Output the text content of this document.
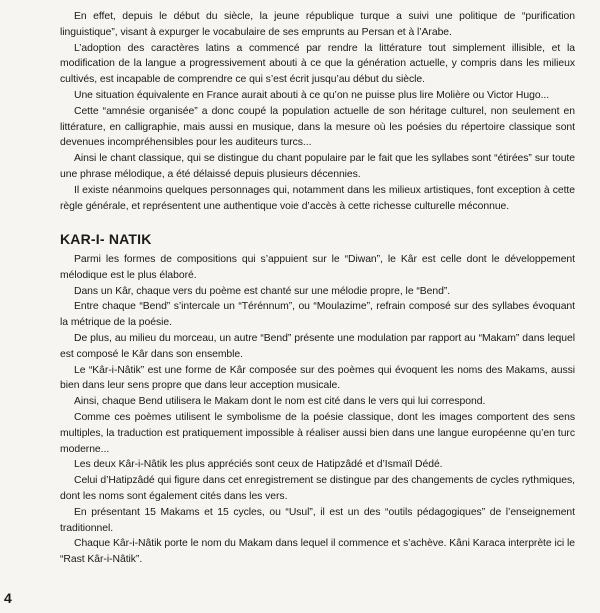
En effet, depuis le début du siècle, la jeune république turque a suivi une politique de “purification linguistique”, visant à expurger le vocabulaire de ses emprunts au Persan et à l’Arabe.

L’adoption des caractères latins a commencé par rendre la littérature tout simplement illisible, et la modification de la langue a progressivement abouti à ce que la génération actuelle, y compris dans les milieux cultivés, est incapable de comprendre ce qui s’est écrit jusqu’au début du siècle.

Une situation équivalente en France aurait abouti à ce qu’on ne puisse plus lire Molière ou Victor Hugo...

Cette “amnésie organisée” a donc coupé la population actuelle de son héritage culturel, non seulement en littérature, en calligraphie, mais aussi en musique, dans la mesure où les poésies du répertoire classique sont devenues incompréhensibles pour les auditeurs turcs...

Ainsi le chant classique, qui se distingue du chant populaire par le fait que les syllabes sont “étirées” sur toute une phrase mélodique, a été délaissé depuis plusieurs décennies.

Il existe néanmoins quelques personnages qui, notamment dans les milieux artistiques, font exception à cette règle générale, et représentent une authentique voie d’accès à cette richesse culturelle méconnue.

KAR-I- NATIK

Parmi les formes de compositions qui s’appuient sur le “Diwan”, le Kâr est celle dont le développement mélodique est le plus élaboré.

Dans un Kâr, chaque vers du poème est chanté sur une mélodie propre, le “Bend”.

Entre chaque “Bend” s’intercale un “Térénnum”, ou “Moulazime”, refrain composé sur des syllabes évoquant la métrique de la poésie.

De plus, au milieu du morceau, un autre “Bend” présente une modulation par rapport au “Makam” dans lequel est composé le Kâr dans son ensemble.

Le “Kâr-i-Nâtik” est une forme de Kâr composée sur des poèmes qui évoquent les noms des Makams, aussi bien dans leur sens propre que dans leur acception musicale.

Ainsi, chaque Bend utilisera le Makam dont le nom est cité dans le vers qui lui correspond.

Comme ces poèmes utilisent le symbolisme de la poésie classique, dont les images comportent des sens multiples, la traduction est pratiquement impossible à réaliser aussi bien dans une langue européenne qu’en turc moderne...

Les deux Kâr-i-Nâtik les plus appréciés sont ceux de Hatipzâdé et d’Ismaïl Dédé.

Celui d’Hatipzâdé qui figure dans cet enregistrement se distingue par des changements de cycles rythmiques, dont les noms sont également cités dans les vers.

En présentant 15 Makams et 15 cycles, ou “Usul”, il est un des “outils pédagogiques” de l’enseignement traditionnel.

Chaque Kâr-i-Nâtik porte le nom du Makam dans lequel il commence et s’achève. Kâni Karaca interprète ici le “Rast Kâr-i-Nâtik”.

4
